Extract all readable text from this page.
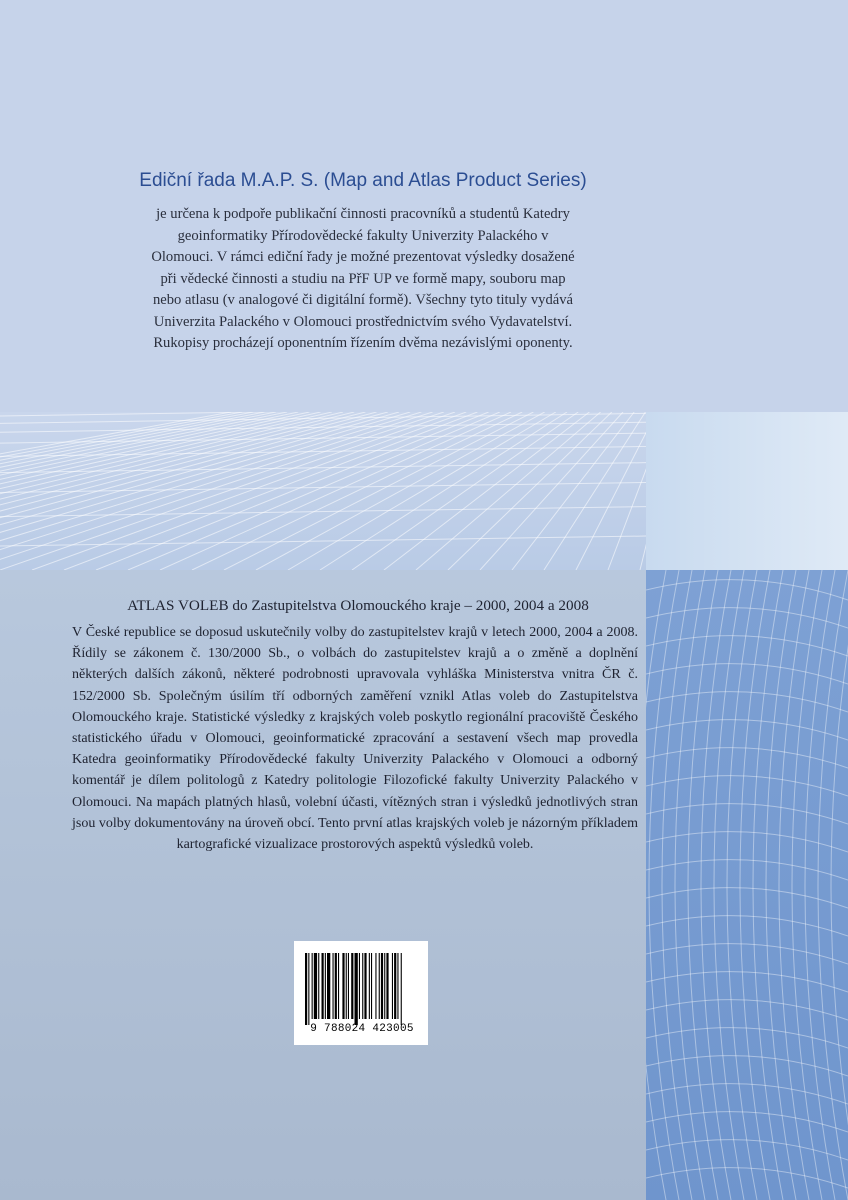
Ediční řada M.A.P. S. (Map and Atlas Product Series)
je určena k podpoře publikační činnosti pracovníků a studentů Katedry geoinformatiky Přírodovědecké fakulty Univerzity Palackého v Olomouci. V rámci ediční řady je možné prezentovat výsledky dosažené při vědecké činnosti a studiu na PřF UP ve formě mapy, souboru map nebo atlasu (v analogové či digitální formě). Všechny tyto tituly vydává Univerzita Palackého v Olomouci prostřednictvím svého Vydavatelství. Rukopisy procházejí oponentním řízením dvěma nezávislými oponenty.
ATLAS VOLEB do Zastupitelstva Olomouckého kraje – 2000, 2004 a 2008
V České republice se doposud uskutečnily volby do zastupitelstev krajů v letech 2000, 2004 a 2008. Řídily se zákonem č. 130/2000 Sb., o volbách do zastupitelstev krajů a o změně a doplnění některých dalších zákonů, některé podrobnosti upravovala vyhláška Ministerstva vnitra ČR č. 152/2000 Sb. Společným úsilím tří odborných zaměření vznikl Atlas voleb do Zastupitelstva Olomouckého kraje. Statistické výsledky z krajských voleb poskytlo regionální pracoviště Českého statistického úřadu v Olomouci, geoinformatické zpracování a sestavení všech map provedla Katedra geoinformatiky Přírodovědecké fakulty Univerzity Palackého v Olomouci a odborný komentář je dílem politologů z Katedry politologie Filozofické fakulty Univerzity Palackého v Olomouci. Na mapách platných hlasů, volební účasti, vítězných stran i výsledků jednotlivých stran jsou volby dokumentovány na úroveň obcí. Tento první atlas krajských voleb je názorným příkladem kartografické vizualizace prostorových aspektů výsledků voleb.
9 788024 423005
